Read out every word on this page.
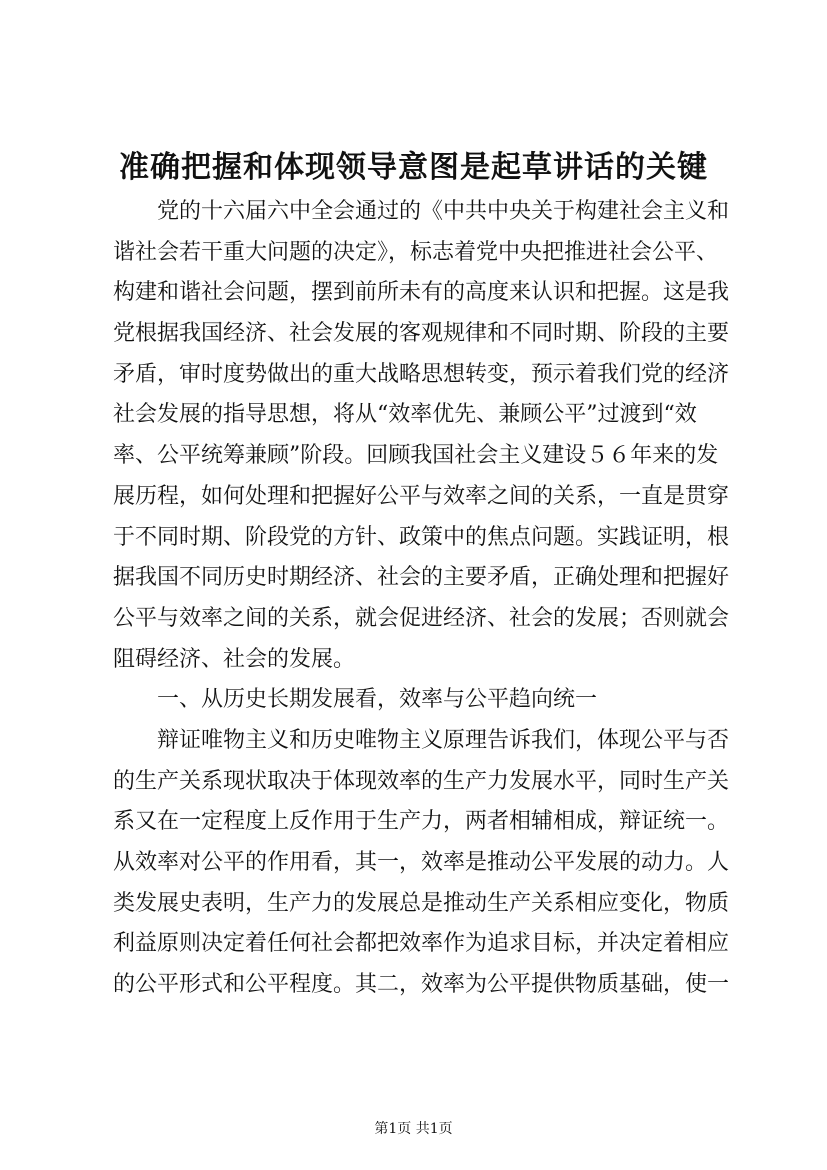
准确把握和体现领导意图是起草讲话的关键
党的十六届六中全会通过的《中共中央关于构建社会主义和
谐社会若干重大问题的决定》，标志着党中央把推进社会公平、
构建和谐社会问题，摆到前所未有的高度来认识和把握。这是我
党根据我国经济、社会发展的客观规律和不同时期、阶段的主要
矛盾，审时度势做出的重大战略思想转变，预示着我们党的经济
社会发展的指导思想，将从“效率优先、兼顾公平”过渡到“效
率、公平统筹兼顾”阶段。回顾我国社会主义建设５６年来的发
展历程，如何处理和把握好公平与效率之间的关系，一直是贯穿
于不同时期、阶段党的方针、政策中的焦点问题。实践证明，根
据我国不同历史时期经济、社会的主要矛盾，正确处理和把握好
公平与效率之间的关系，就会促进经济、社会的发展；否则就会
阻碍经济、社会的发展。
一、从历史长期发展看，效率与公平趋向统一
辩证唯物主义和历史唯物主义原理告诉我们，体现公平与否
的生产关系现状取决于体现效率的生产力发展水平，同时生产关
系又在一定程度上反作用于生产力，两者相辅相成，辩证统一。
从效率对公平的作用看，其一，效率是推动公平发展的动力。人
类发展史表明，生产力的发展总是推动生产关系相应变化，物质
利益原则决定着任何社会都把效率作为追求目标，并决定着相应
的公平形式和公平程度。其二，效率为公平提供物质基础，使一
第1页 共1页
